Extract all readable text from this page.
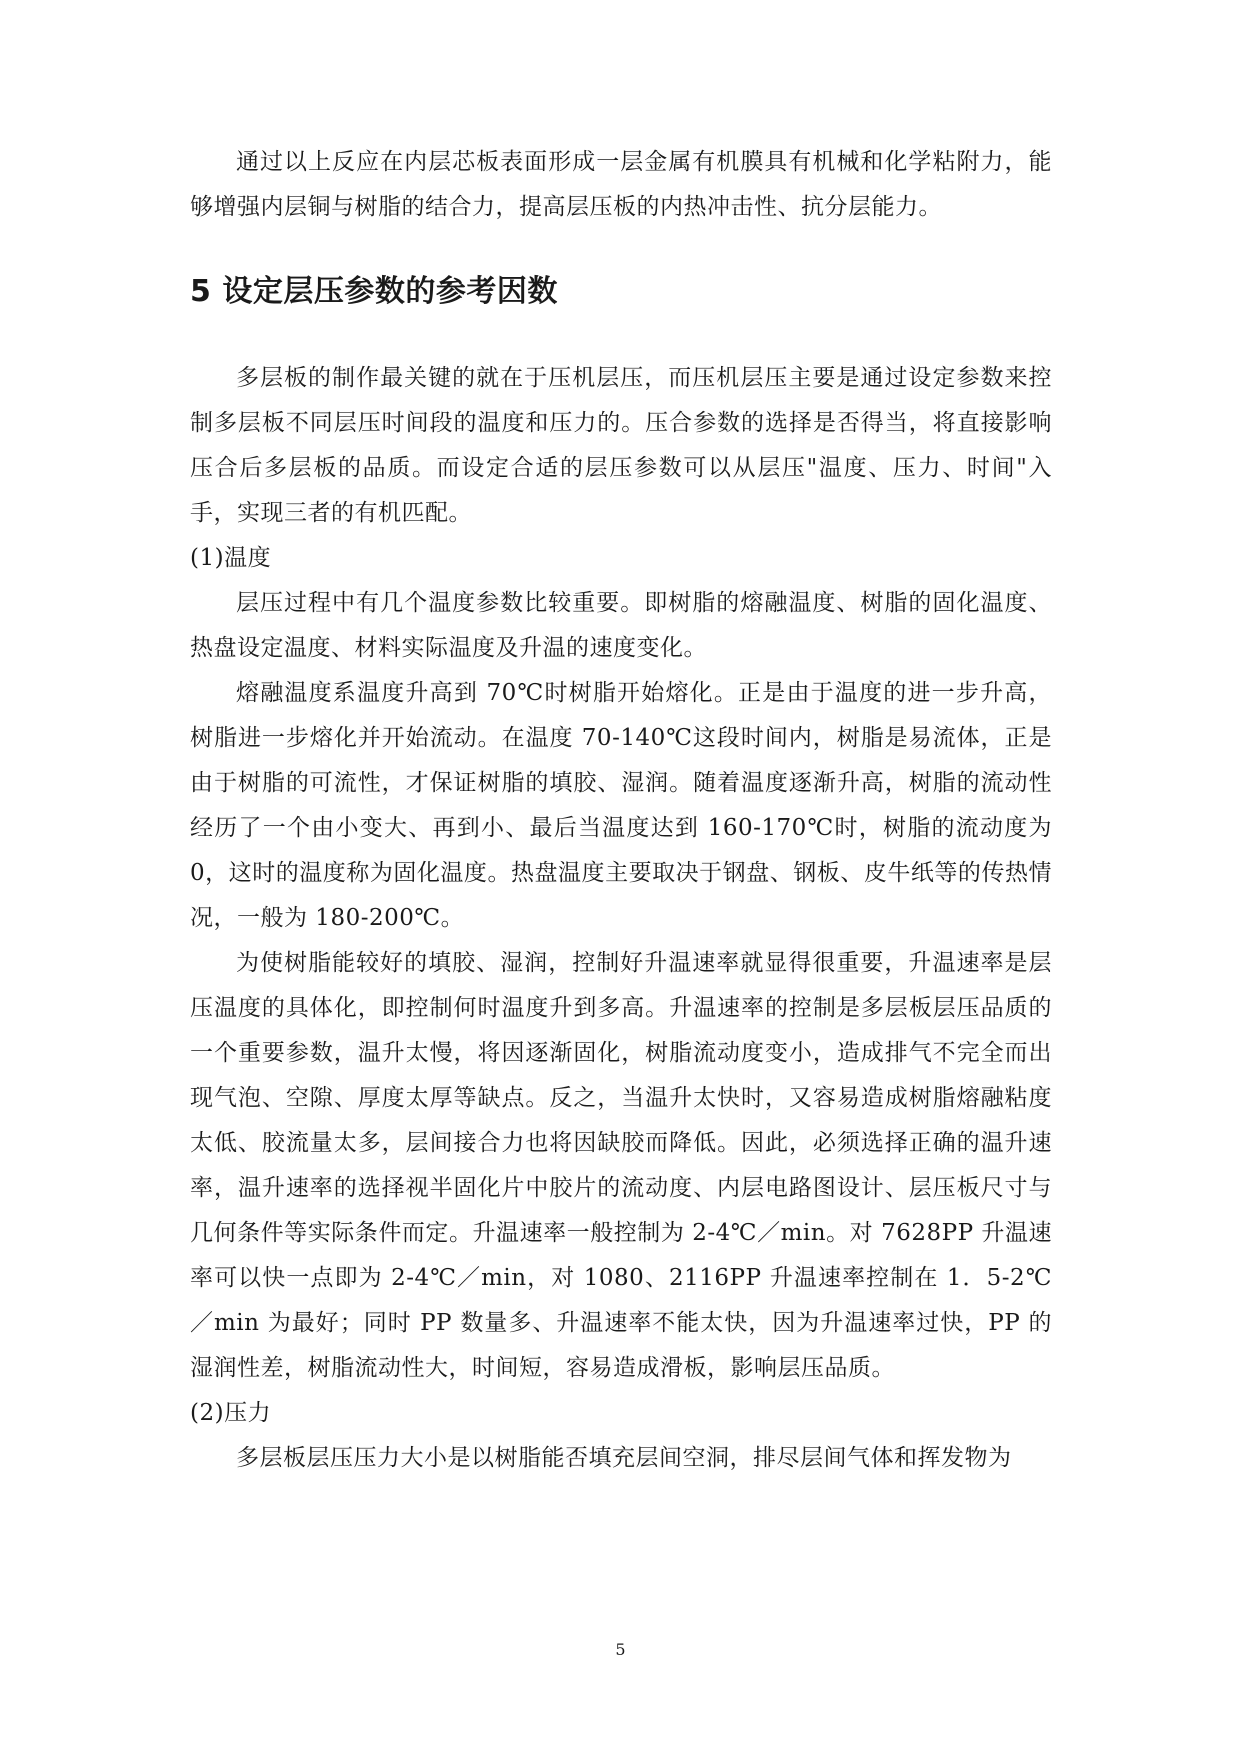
通过以上反应在内层芯板表面形成一层金属有机膜具有机械和化学粘附力，能够增强内层铜与树脂的结合力，提高层压板的内热冲击性、抗分层能力。

5 设定层压参数的参考因数

多层板的制作最关键的就在于压机层压，而压机层压主要是通过设定参数来控制多层板不同层压时间段的温度和压力的。压合参数的选择是否得当，将直接影响压合后多层板的品质。而设定合适的层压参数可以从层压"温度、压力、时间"入手，实现三者的有机匹配。

(1)温度

层压过程中有几个温度参数比较重要。即树脂的熔融温度、树脂的固化温度、热盘设定温度、材料实际温度及升温的速度变化。

熔融温度系温度升高到 70℃时树脂开始熔化。正是由于温度的进一步升高，树脂进一步熔化并开始流动。在温度 70-140℃这段时间内，树脂是易流体，正是由于树脂的可流性，才保证树脂的填胶、湿润。随着温度逐渐升高，树脂的流动性经历了一个由小变大、再到小、最后当温度达到 160-170℃时，树脂的流动度为 0，这时的温度称为固化温度。热盘温度主要取决于钢盘、钢板、皮牛纸等的传热情况，一般为 180-200℃。

为使树脂能较好的填胶、湿润，控制好升温速率就显得很重要，升温速率是层压温度的具体化，即控制何时温度升到多高。升温速率的控制是多层板层压品质的一个重要参数，温升太慢，将因逐渐固化，树脂流动度变小，造成排气不完全而出现气泡、空隙、厚度太厚等缺点。反之，当温升太快时，又容易造成树脂熔融粘度太低、胶流量太多，层间接合力也将因缺胶而降低。因此，必须选择正确的温升速率，温升速率的选择视半固化片中胶片的流动度、内层电路图设计、层压板尺寸与几何条件等实际条件而定。升温速率一般控制为 2-4℃／min。对 7628PP 升温速率可以快一点即为 2-4℃／min，对 1080、2116PP 升温速率控制在 1．5-2℃／min 为最好；同时 PP 数量多、升温速率不能太快，因为升温速率过快，PP 的湿润性差，树脂流动性大，时间短，容易造成滑板，影响层压品质。

(2)压力

多层板层压压力大小是以树脂能否填充层间空洞，排尽层间气体和挥发物为

5
